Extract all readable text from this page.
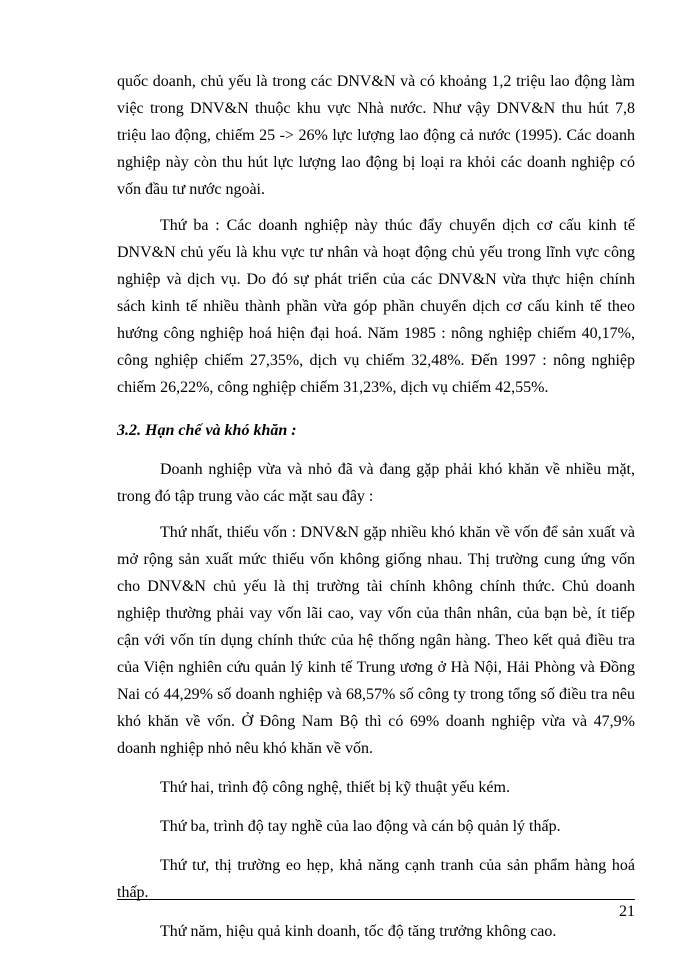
quốc doanh, chủ yếu là trong các DNV&N và có khoảng 1,2 triệu lao động làm việc trong DNV&N thuộc khu vực Nhà nước. Như vậy DNV&N thu hút 7,8 triệu lao động, chiếm 25 -> 26% lực lượng lao động cả nước (1995). Các doanh nghiệp này còn thu hút lực lượng lao động bị loại ra khỏi các doanh nghiệp có vốn đầu tư nước ngoài.

Thứ ba : Các doanh nghiệp này thúc đẩy chuyển dịch cơ cấu kinh tế DNV&N chủ yếu là khu vực tư nhân và hoạt động chủ yếu trong lĩnh vực công nghiệp và dịch vụ. Do đó sự phát triển của các DNV&N vừa thực hiện chính sách kinh tế nhiều thành phần vừa góp phần chuyển dịch cơ cấu kinh tế theo hướng công nghiệp hoá hiện đại hoá. Năm 1985 : nông nghiệp chiếm 40,17%, công nghiệp chiếm 27,35%, dịch vụ chiếm 32,48%. Đến 1997 : nông nghiệp chiếm 26,22%, công nghiệp chiếm 31,23%, dịch vụ chiếm 42,55%.

3.2. Hạn chế và khó khăn :

Doanh nghiệp vừa và nhỏ đã và đang gặp phải khó khăn về nhiều mặt, trong đó tập trung vào các mặt sau đây :

Thứ nhất, thiếu vốn : DNV&N gặp nhiều khó khăn về vốn để sản xuất và mở rộng sản xuất mức thiếu vốn không giống nhau. Thị trường cung ứng vốn cho DNV&N chủ yếu là thị trường tài chính không chính thức. Chủ doanh nghiệp thường phải vay vốn lãi cao, vay vốn của thân nhân, của bạn bè, ít tiếp cận với vốn tín dụng chính thức của hệ thống ngân hàng. Theo kết quả điều tra của Viện nghiên cứu quản lý kinh tế Trung ương ở Hà Nội, Hải Phòng và Đồng Nai có 44,29% số doanh nghiệp và 68,57% số công ty trong tổng số điều tra nêu khó khăn về vốn. Ở Đông Nam Bộ thì có 69% doanh nghiệp vừa và 47,9% doanh nghiệp nhỏ nêu khó khăn về vốn.

Thứ hai, trình độ công nghệ, thiết bị kỹ thuật yếu kém.

Thứ ba, trình độ tay nghề của lao động và cán bộ quản lý thấp.

Thứ tư, thị trường eo hẹp, khả năng cạnh tranh của sản phẩm hàng hoá thấp.

Thứ năm, hiệu quả kinh doanh, tốc độ tăng trưởng không cao.

21
